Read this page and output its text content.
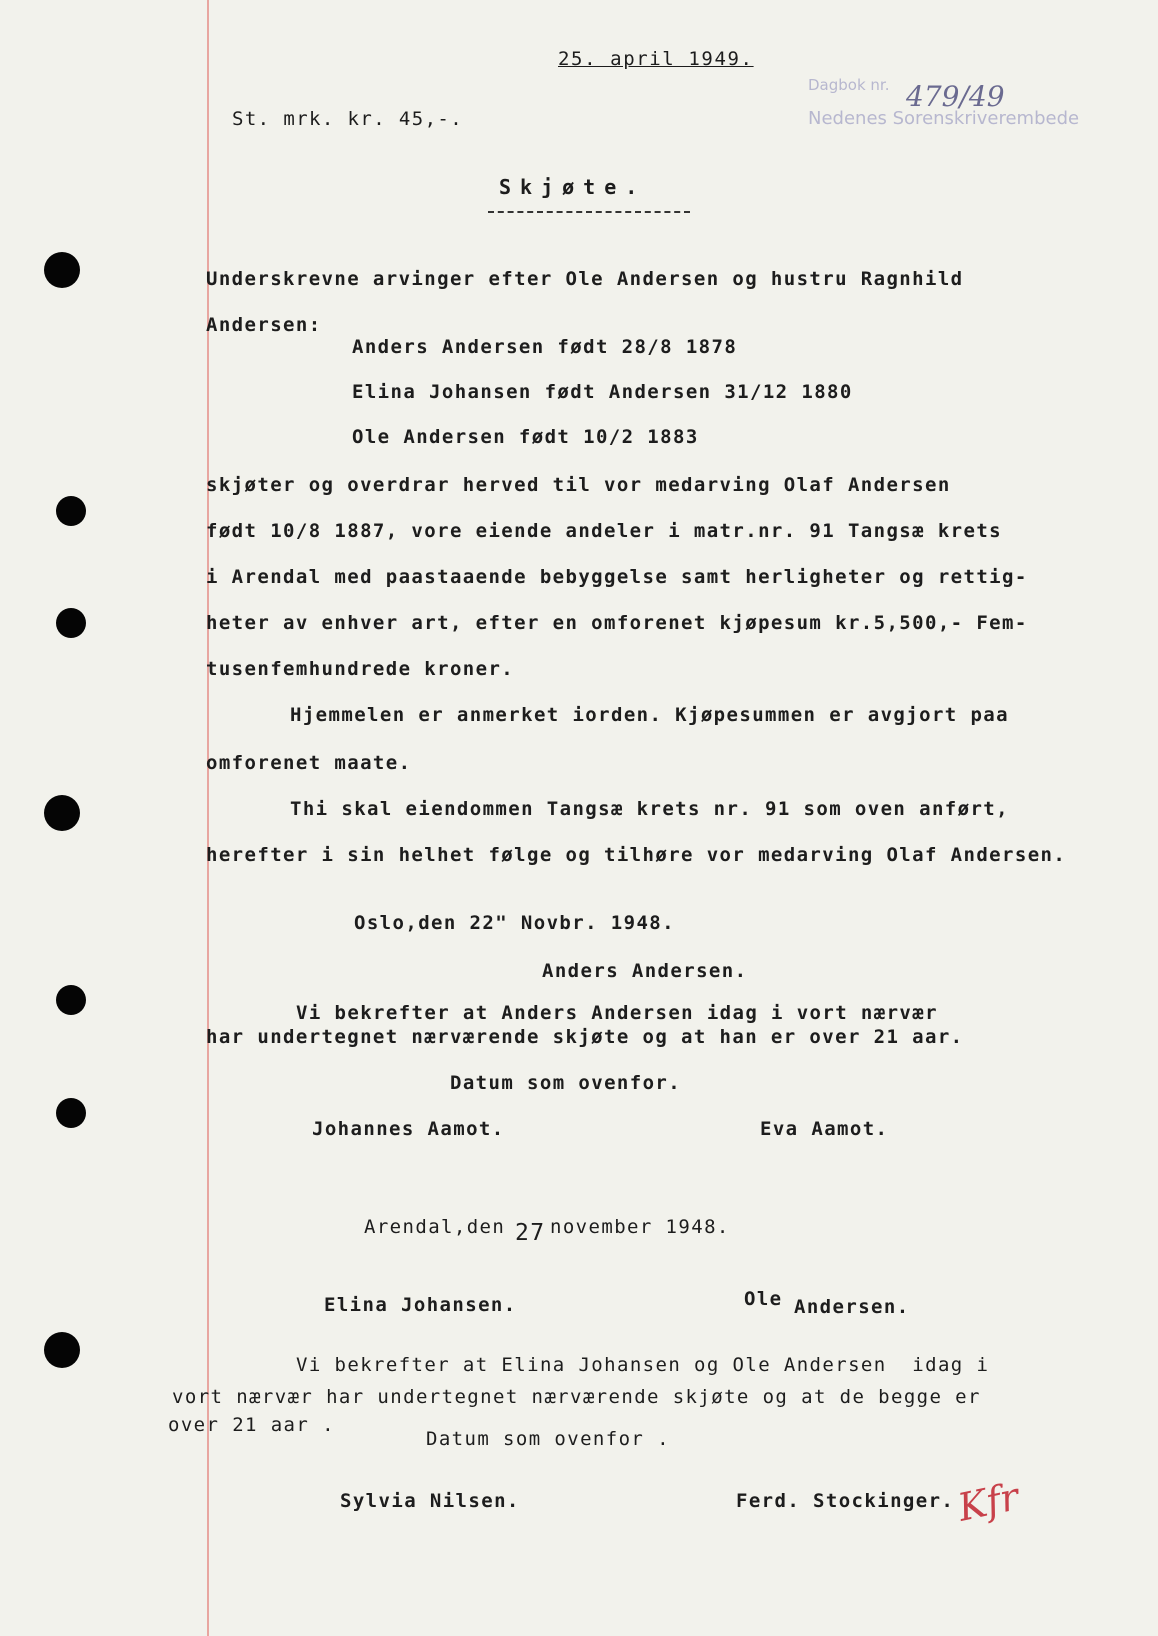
25. april 1949.
Dagbok nr.
Nedenes Sorenskriverembede
479/49
St. mrk. kr. 45,-.
Skjøte.
Underskrevne arvinger efter Ole Andersen og hustru Ragnhild
Andersen:
Anders Andersen født 28/8 1878
Elina Johansen født Andersen 31/12 1880
Ole Andersen født 10/2 1883
skjøter og overdrar herved til vor medarving Olaf Andersen
født 10/8 1887, vore eiende andeler i matr.nr. 91 Tangsæ krets
i Arendal med paastaaende bebyggelse samt herligheter og rettig-
heter av enhver art, efter en omforenet kjøpesum kr.5,500,- Fem-
tusenfemhundrede kroner.
Hjemmelen er anmerket iorden. Kjøpesummen er avgjort paa
omforenet maate.
Thi skal eiendommen Tangsæ krets nr. 91 som oven anført,
herefter i sin helhet følge og tilhøre vor medarving Olaf Andersen.
Oslo,den 22" Novbr. 1948.
Anders Andersen.
Vi bekrefter at Anders Andersen idag i vort nærvær
har undertegnet nærværende skjøte og at han er over 21 aar.
Datum som ovenfor.
Johannes Aamot.	Eva Aamot.
Arendal,den 27 november 1948.
Elina Johansen.	Ole Andersen.
Vi bekrefter at Elina Johansen og Ole Andersen  idag i
vort nærvær har undertegnet nærværende skjøte og at de begge er
over 21 aar .
Datum som ovenfor .
Sylvia Nilsen.	Ferd. Stockinger. Kfr
